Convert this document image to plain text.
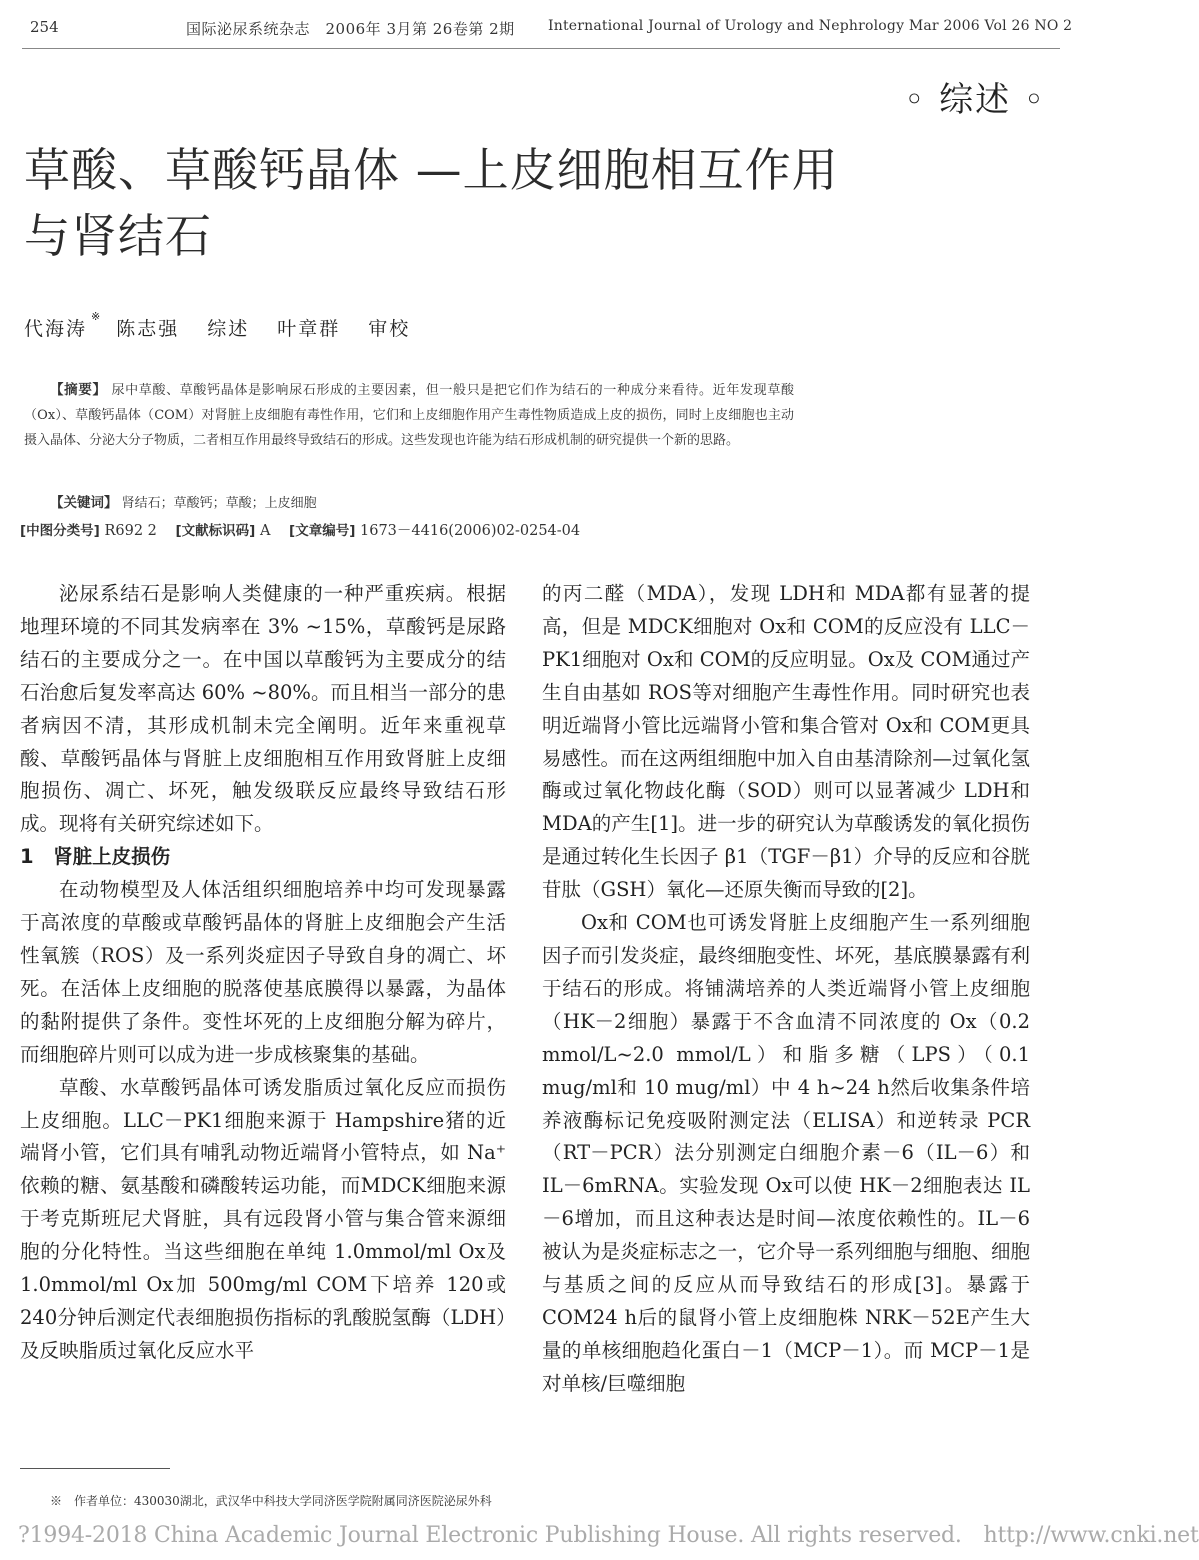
254	国际泌尿系统杂志　2006年 3月第 26卷第 2期 International Journal of Urology and Nephrology Mar 2006 Vol 26 NO 2
◦ 综述 ◦
草酸、草酸钙晶体 —上皮细胞相互作用
与肾结石
代海涛※陈志强 综述 叶章群 审校
【摘要】 尿中草酸、草酸钙晶体是影响尿石形成的主要因素，但一般只是把它们作为结石的一种成分来看待。近年发现草酸（Ox）、草酸钙晶体（COM）对肾脏上皮细胞有毒性作用，它们和上皮细胞作用产生毒性物质造成上皮的损伤，同时上皮细胞也主动摄入晶体、分泌大分子物质，二者相互作用最终导致结石的形成。这些发现也许能为结石形成机制的研究提供一个新的思路。
【关键词】 肾结石；草酸钙；草酸；上皮细胞
[中图分类号] R692 2 [文献标识码] A [文章编号] 1673－4416(2006)02-0254-04

泌尿系结石是影响人类健康的一种严重疾病。根据地理环境的不同其发病率在 3% ~15%，草酸钙是尿路结石的主要成分之一。在中国以草酸钙为主要成分的结石治愈后复发率高达 60% ~80%。而且相当一部分的患者病因不清，其形成机制未完全阐明。近年来重视草酸、草酸钙晶体与肾脏上皮细胞相互作用致肾脏上皮细胞损伤、凋亡、坏死，触发级联反应最终导致结石形成。现将有关研究综述如下。

1　肾脏上皮损伤

在动物模型及人体活组织细胞培养中均可发现暴露于高浓度的草酸或草酸钙晶体的肾脏上皮细胞会产生活性氧簇（ROS）及一系列炎症因子导致自身的凋亡、坏死。在活体上皮细胞的脱落使基底膜得以暴露，为晶体的黏附提供了条件。变性坏死的上皮细胞分解为碎片，而细胞碎片则可以成为进一步成核聚集的基础。

草酸、水草酸钙晶体可诱发脂质过氧化反应而损伤上皮细胞。LLC－PK1细胞来源于 Hampshire猪的近端肾小管，它们具有哺乳动物近端肾小管特点，如 Na⁺依赖的糖、氨基酸和磷酸转运功能，而MDCK细胞来源于考克斯班尼犬肾脏，具有远段肾小管与集合管来源细胞的分化特性。当这些细胞在单纯 1.0mmol/ml Ox及 1.0mmol/ml Ox加 500mg/ml COM下培养 120或 240分钟后测定代表细胞损伤指标的乳酸脱氢酶（LDH）及反映脂质过氧化反应水平

的丙二醛（MDA），发现 LDH和 MDA都有显著的提高，但是 MDCK细胞对 Ox和 COM的反应没有 LLC－PK1细胞对 Ox和 COM的反应明显。Ox及 COM通过产生自由基如 ROS等对细胞产生毒性作用。同时研究也表明近端肾小管比远端肾小管和集合管对 Ox和 COM更具易感性。而在这两组细胞中加入自由基清除剂—过氧化氢酶或过氧化物歧化酶（SOD）则可以显著减少 LDH和 MDA的产生[1]。进一步的研究认为草酸诱发的氧化损伤是通过转化生长因子 β1（TGF－β1）介导的反应和谷胱苷肽（GSH）氧化—还原失衡而导致的[2]。

Ox和 COM也可诱发肾脏上皮细胞产生一系列细胞因子而引发炎症，最终细胞变性、坏死，基底膜暴露有利于结石的形成。将铺满培养的人类近端肾小管上皮细胞（HK－2细胞）暴露于不含血清不同浓度的 Ox（0.2 mmol/L~2.0 mmol/L）和脂多糖（LPS）（0.1 mug/ml和 10 mug/ml）中 4 h~24 h然后收集条件培养液酶标记免疫吸附测定法（ELISA）和逆转录 PCR（RT－PCR）法分别测定白细胞介素－6（IL－6）和 IL－6mRNA。实验发现 Ox可以使 HK－2细胞表达 IL－6增加，而且这种表达是时间—浓度依赖性的。IL－6被认为是炎症标志之一，它介导一系列细胞与细胞、细胞与基质之间的反应从而导致结石的形成[3]。暴露于 COM24 h后的鼠肾小管上皮细胞株 NRK－52E产生大量的单核细胞趋化蛋白－1（MCP－1）。而 MCP－1是对单核/巨噬细胞

※　作者单位：430030湖北，武汉华中科技大学同济医学院附属同济医院泌尿外科
?1994-2018 China Academic Journal Electronic Publishing House. All rights reserved.　http://www.cnki.net
